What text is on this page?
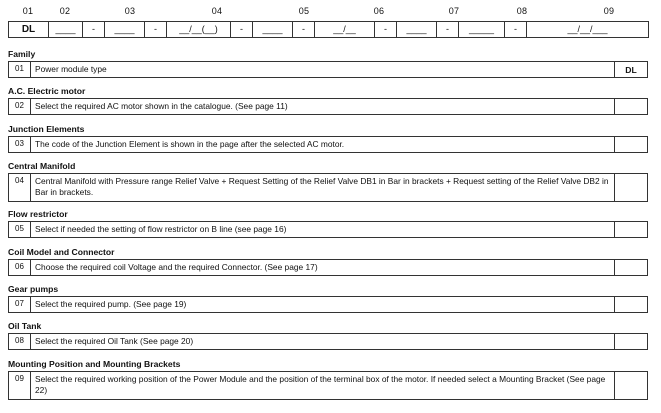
01	02	03	04	05	06	07	08	09
DL	____	-	____	-	__/__(__)	-	____	-	__/__	-	____	-	_____	-	__/__/___
Family
01	Power module type	DL
A.C. Electric motor
02	Select the required AC motor shown in the catalogue. (See page 11)
Junction Elements
03	The code of the Junction Element is shown in the page after the selected AC motor.
Central Manifold
04	Central Manifold with Pressure range Relief Valve + Request Setting of the Relief Valve DB1 in Bar in brackets + Request setting of the Relief Valve DB2 in Bar in brackets.
Flow restrictor
05	Select if needed the setting of flow restrictor on B line (see page 16)
Coil Model and Connector
06	Choose the required coil Voltage and the required Connector. (See page 17)
Gear pumps
07	Select the required pump. (See page 19)
Oil Tank
08	Select the required Oil Tank (See page 20)
Mounting Position and Mounting Brackets
09	Select the required working position of the Power Module and the position of the terminal box of the motor. If needed select a Mounting Bracket (See page 22)
